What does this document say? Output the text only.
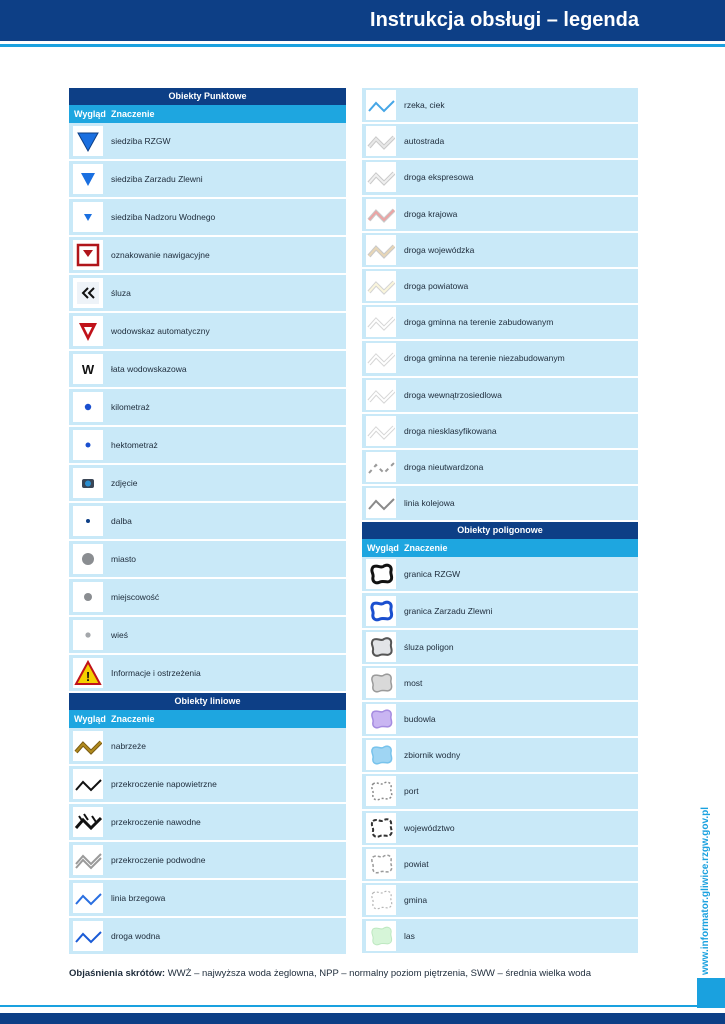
Instrukcja obsługi – legenda
Obiekty Punktowe
Wygląd Znaczenie
siedziba RZGW
siedziba Zarzadu Zlewni
siedziba Nadzoru Wodnego
oznakowanie nawigacyjne
śluza
wodowskaz automatyczny
W	łata wodowskazowa
kilometraż
hektometraż
zdjęcie
dalba
miasto
miejscowość
wieś
!	Informacje i ostrzeżenia
Obiekty liniowe
Wygląd Znaczenie
nabrzeże
przekroczenie napowietrzne
przekroczenie nawodne
przekroczenie podwodne
linia brzegowa
droga wodna
rzeka, ciek
autostrada
droga ekspresowa
droga krajowa
droga wojewódzka
droga powiatowa
droga gminna na terenie zabudowanym
droga gminna na terenie niezabudowanym
droga wewnątrzosiedlowa
droga niesklasyfikowana
droga nieutwardzona
linia kolejowa
Obiekty poligonowe
Wygląd Znaczenie
granica RZGW
granica Zarzadu Zlewni
śluza poligon
most
budowla
zbiornik wodny
port
województwo
powiat
gmina
las
Objaśnienia skrótów: WWŻ – najwyższa woda żeglowna, NPP – normalny poziom piętrzenia, SWW – średnia wielka woda	www.informator.gliwice.rzgw.gov.pl
